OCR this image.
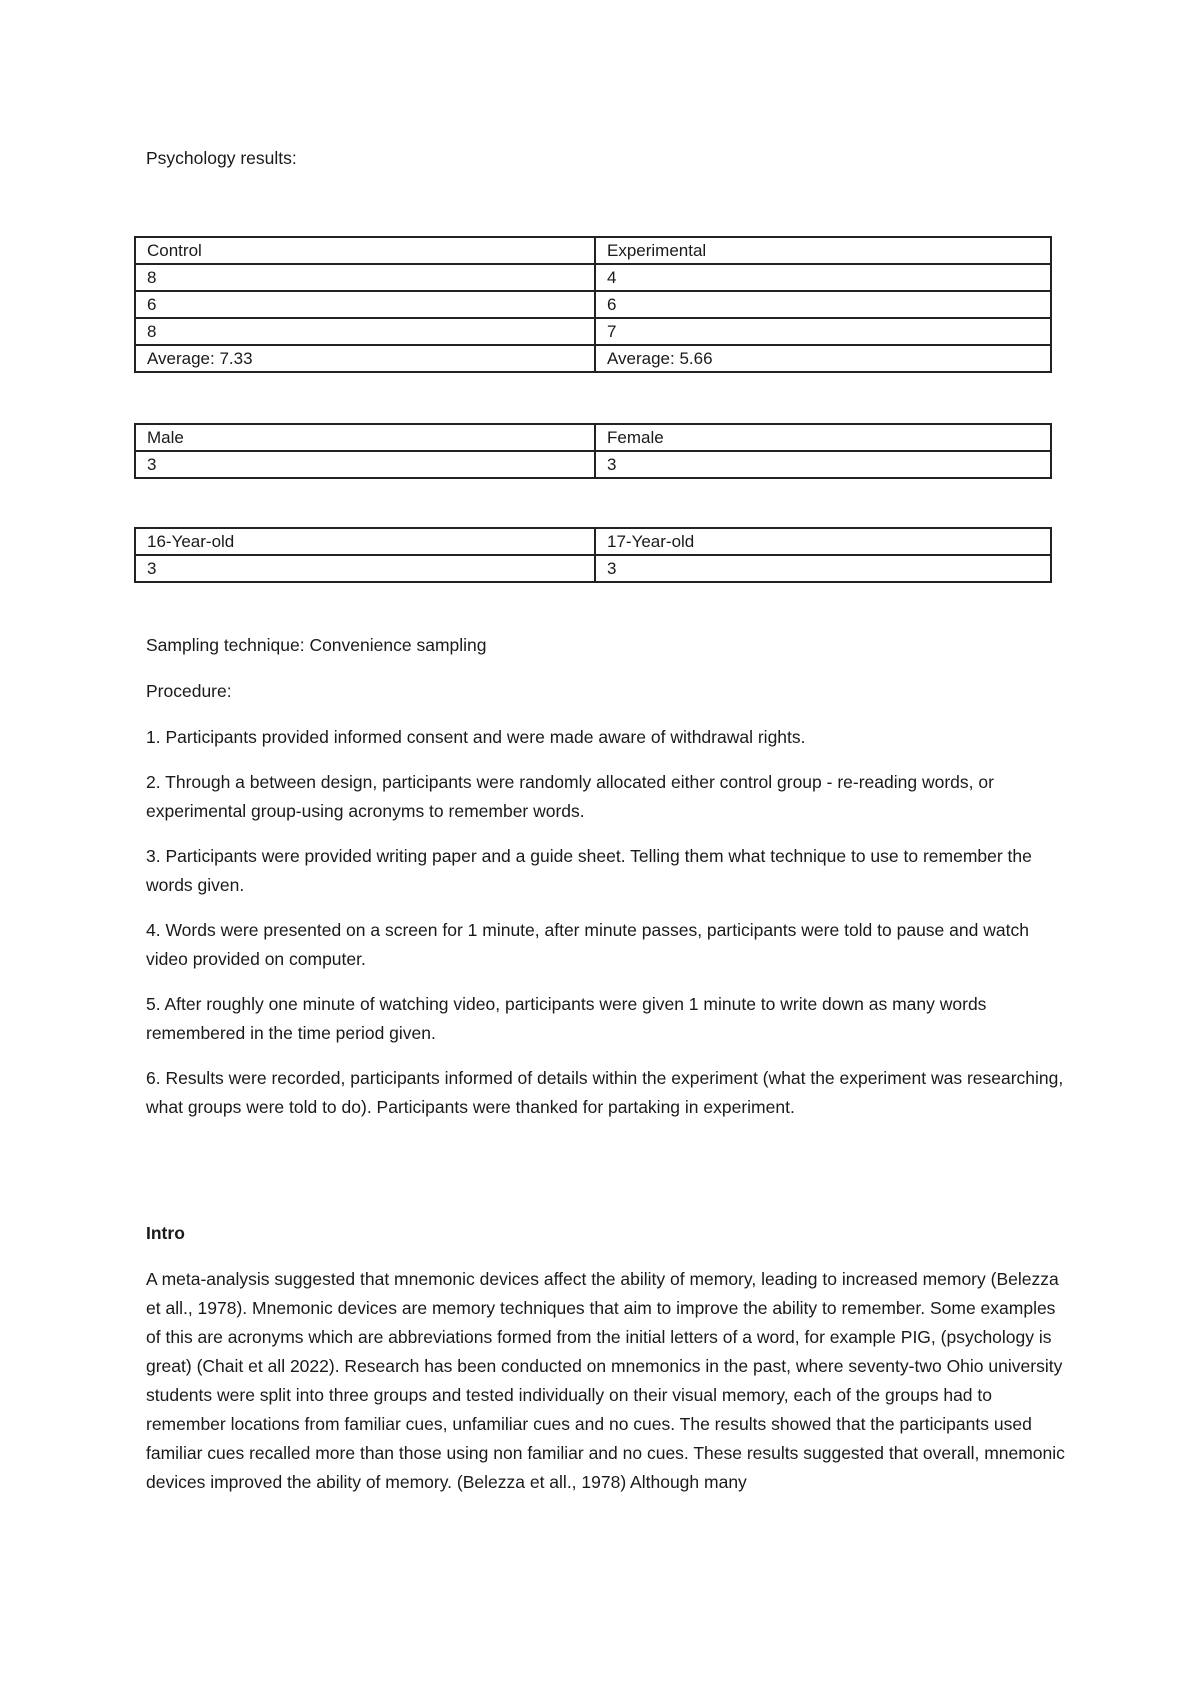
Psychology results:
Control	Experimental
8	4
6	6
8	7
Average: 7.33	Average: 5.66
Male	Female
3	3
16-Year-old	17-Year-old
3	3
Sampling technique: Convenience sampling
Procedure:
1. Participants provided informed consent and were made aware of withdrawal rights.
2. Through a between design, participants were randomly allocated either control group - re-reading words, or experimental group-using acronyms to remember words.
3. Participants were provided writing paper and a guide sheet. Telling them what technique to use to remember the words given.
4. Words were presented on a screen for 1 minute, after minute passes, participants were told to pause and watch video provided on computer.
5. After roughly one minute of watching video, participants were given 1 minute to write down as many words remembered in the time period given.
6. Results were recorded, participants informed of details within the experiment (what the experiment was researching, what groups were told to do). Participants were thanked for partaking in experiment.
Intro
A meta-analysis suggested that mnemonic devices affect the ability of memory, leading to increased memory (Belezza et all., 1978). Mnemonic devices are memory techniques that aim to improve the ability to remember. Some examples of this are acronyms which are abbreviations formed from the initial letters of a word, for example PIG, (psychology is great) (Chait et all 2022). Research has been conducted on mnemonics in the past, where seventy-two Ohio university students were split into three groups and tested individually on their visual memory, each of the groups had to remember locations from familiar cues, unfamiliar cues and no cues. The results showed that the participants used familiar cues recalled more than those using non familiar and no cues. These results suggested that overall, mnemonic devices improved the ability of memory. (Belezza et all., 1978) Although many
